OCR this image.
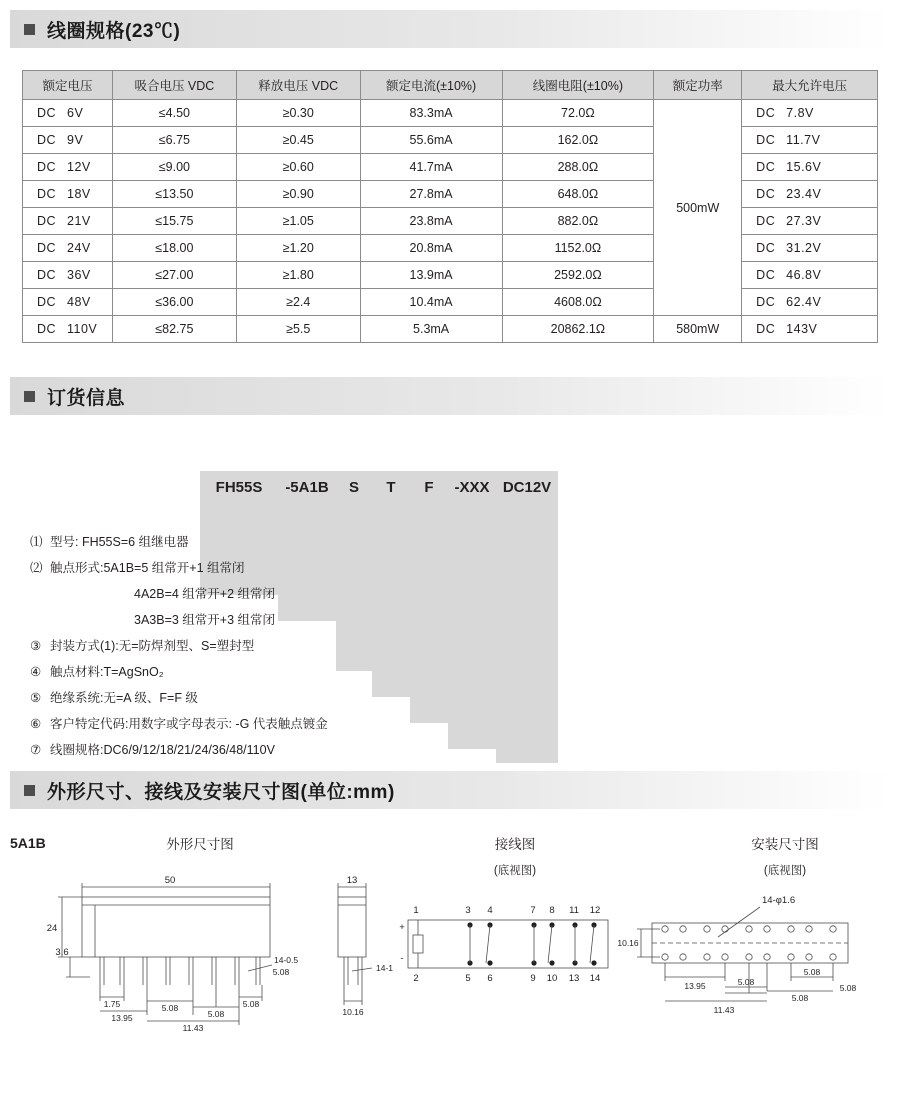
线圈规格(23℃)
额定电压	吸合电压 VDC	释放电压 VDC	额定电流(±10%)	线圈电阻(±10%)	额定功率	最大允许电压
DC 6V	≤4.50	≥0.30	83.3mA	72.0Ω	500mW	DC 7.8V
DC 9V	≤6.75	≥0.45	55.6mA	162.0Ω		DC 11.7V
DC 12V	≤9.00	≥0.60	41.7mA	288.0Ω		DC 15.6V
DC 18V	≤13.50	≥0.90	27.8mA	648.0Ω		DC 23.4V
DC 21V	≤15.75	≥1.05	23.8mA	882.0Ω		DC 27.3V
DC 24V	≤18.00	≥1.20	20.8mA	1152.0Ω		DC 31.2V
DC 36V	≤27.00	≥1.80	13.9mA	2592.0Ω		DC 46.8V
DC 48V	≤36.00	≥2.4	10.4mA	4608.0Ω		DC 62.4V
DC 110V	≤82.75	≥5.5	5.3mA	20862.1Ω	580mW	DC 143V
订货信息
FH55S	-5A1B	S	T	F	-XXX DC12V
⑴ 型号: FH55S=6 组继电器
⑵ 触点形式:5A1B=5 组常开+1 组常闭
4A2B=4 组常开+2 组常闭
3A3B=3 组常开+3 组常闭
③ 封装方式(1):无=防焊剂型、S=塑封型
④ 触点材料:T=AgSnO₂
⑤ 绝缘系统:无=A 级、F=F 级
⑥ 客户特定代码:用数字或字母表示: -G 代表触点镀金
⑦ 线圈规格:DC6/9/12/18/21/24/36/48/110V
外形尺寸、接线及安装尺寸图(单位:mm)
5A1B	外形尺寸图	接线图
(底视图)
安装尺寸图
(底视图)
50
24
3.6
14-0.5
1.75
13.95
5.08
11.43
5.08
5.08
5.08
13
14-1
10.16
1	3 4	7 8 11 12
2	5 6	9 10 13 14
+
-
14-φ1.6
10.16
13.95	5.08
5.08
11.43
5.08
5.08
